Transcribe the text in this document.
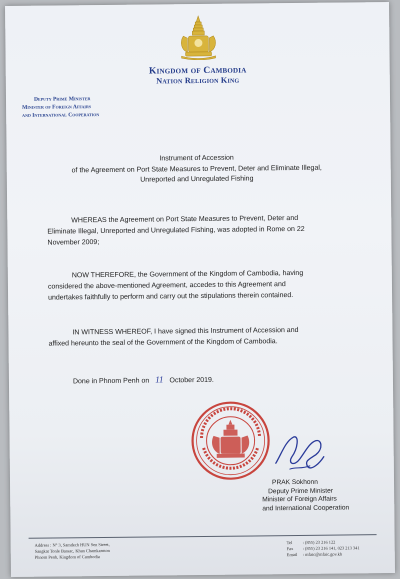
Kingdom of Cambodia
Nation Religion King
Deputy Prime Minister
Minister of Foreign Affairs
and International Cooperation
Instrument of Accession
of the Agreement on Port State Measures to Prevent, Deter and Eliminate Illegal,
Unreported and Unregulated Fishing
WHEREAS the Agreement on Port State Measures to Prevent, Deter and
Eliminate Illegal, Unreported and Unregulated Fishing, was adopted in Rome on 22
November 2009;
NOW THEREFORE, the Government of the Kingdom of Cambodia, having
considered the above-mentioned Agreement, accedes to this Agreement and
undertakes faithfully to perform and carry out the stipulations therein contained.
IN WITNESS WHEREOF, I have signed this Instrument of Accession and
affixed hereunto the seal of the Government of the Kingdom of Cambodia.
Done in Phnom Penh on 11 October 2019.
PRAK Sokhonn
Deputy Prime Minister
Minister of Foreign Affairs
and International Cooperation
Address : N° 3, Samdech HUN Sen Street,
Sangkat Tonle Bassac, Khan Chamkarmon
Phnom Penh, Kingdom of Cambodia
Tel : (855) 23 216 122
Fax : (855) 23 216 141, 023 213 341
Email : mfaic@mfaic.gov.kh
